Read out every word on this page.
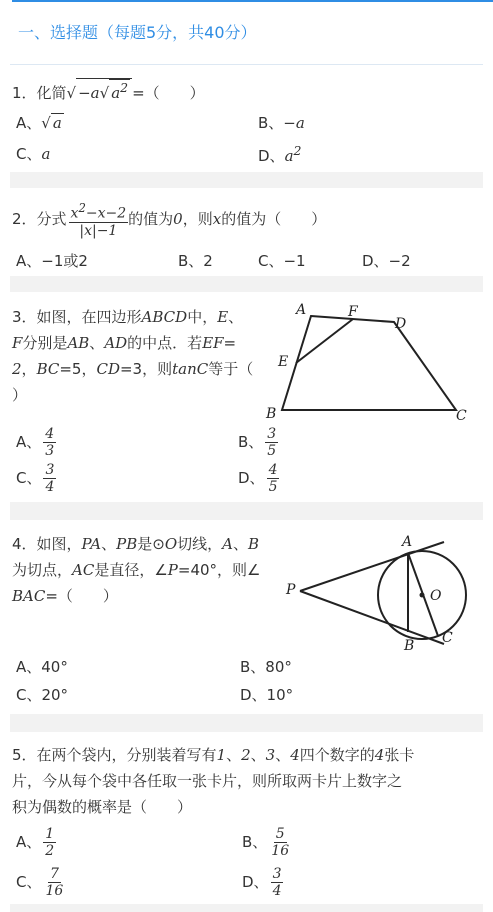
一、选择题（每题5分，共40分）
1．化简√ −a√ $a^2$ =（　　）
A、√ a	B、−a
C、a	D、$a^2$
2．分式 $\frac{x^2-x-2}{|x|-1}$ 的值为0，则x的值为（　　）
A、−1或2	B、2	C、−1	D、−2
3．如图，在四边形ABCD中，E、
F分别是AB、AD的中点．若EF=
2，BC=5，CD=3，则tanC等于（
）
A	F
D
E
B	C
A、 $\frac{4}{3}$	B、 $\frac{3}{5}$
C、 $\frac{3}{4}$	D、 $\frac{4}{5}$
4．如图，PA、PB是⊙O切线，A、B
为切点，AC是直径，∠P=40°，则∠
BAC=（　　）
A
B C
O
P
A、40°	B、80°
C、20°	D、10°
5．在两个袋内，分别装着写有1、2、3、4四个数字的4张卡
片，今从每个袋中各任取一张卡片，则所取两卡片上数字之
积为偶数的概率是（　　）
A、 $\frac{1}{2}$	B、 $\frac{5}{16}$
C、 $\frac{7}{16}$	D、 $\frac{3}{4}$
